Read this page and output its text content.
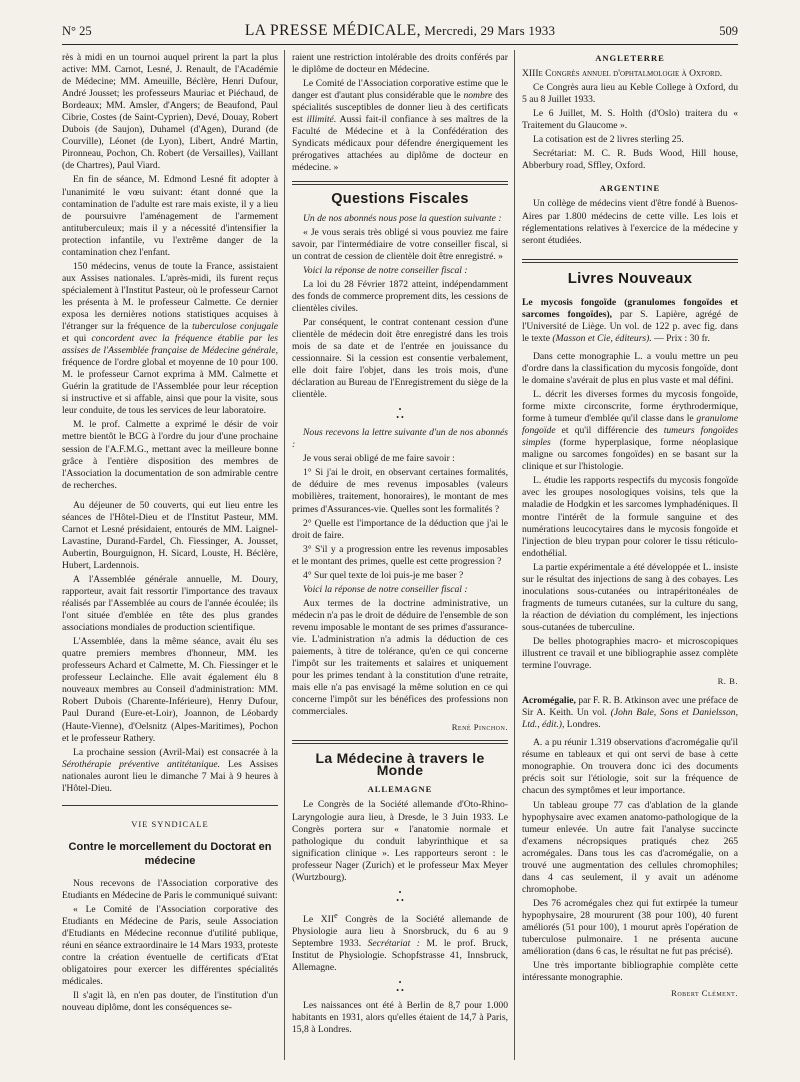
N° 25	LA PRESSE MÉDICALE, Mercredi, 29 Mars 1933	509

rès à midi en un tournoi auquel prirent la part la plus active: MM. Carnot, Lesné, J. Renault, de l'Académie de Médecine; MM. Ameuille, Béclère, Henri Dufour, André Jousset; les professeurs Mauriac et Piéchaud, de Bordeaux; MM. Amsler, d'Angers; de Beaufond, Paul Cibrie, Costes (de Saint-Cyprien), Devé, Douay, Robert Dubois (de Saujon), Duhamel (d'Agen), Durand (de Courville), Léonet (de Lyon), Libert, André Martin, Pironneau, Pochon, Ch. Robert (de Versailles), Vaillant (de Chartres), Paul Viard.

En fin de séance, M. Edmond Lesné fit adopter à l'unanimité le vœu suivant: étant donné que la contamination de l'adulte est rare mais existe, il y a lieu de poursuivre l'aménagement de l'armement antituberculeux; mais il y a nécessité d'intensifier la protection infantile, vu l'extrême danger de la contamination chez l'enfant.

150 médecins, venus de toute la France, assistaient aux Assises nationales. L'après-midi, ils furent reçus spécialement à l'Institut Pasteur, où le professeur Carnot les présenta à M. le professeur Calmette. Ce dernier exposa les dernières notions statistiques acquises à l'étranger sur la fréquence de la tuberculose conjugale et qui concordent avec la fréquence établie par les assises de l'Assemblée française de Médecine générale, fréquence de l'ordre global et moyenne de 10 pour 100. M. le professeur Carnot exprima à MM. Calmette et Guérin la gratitude de l'Assemblée pour leur réception si instructive et si affable, ainsi que pour la visite, sous leur conduite, de tous les services de leur laboratoire.

M. le prof. Calmette a exprimé le désir de voir mettre bientôt le BCG à l'ordre du jour d'une prochaine session de l'A.F.M.G., mettant avec la meilleure bonne grâce à l'entière disposition des membres de l'Association la documentation de son admirable centre de recherches.

Au déjeuner de 50 couverts, qui eut lieu entre les séances de l'Hôtel-Dieu et de l'Institut Pasteur, MM. Carnot et Lesné présidaient, entourés de MM. Laignel-Lavastine, Durand-Fardel, Ch. Fiessinger, A. Jousset, Aubertin, Bourguignon, H. Sicard, Louste, H. Béclère, Hubert, Lardennois.

A l'Assemblée générale annuelle, M. Doury, rapporteur, avait fait ressortir l'importance des travaux réalisés par l'Assemblée au cours de l'année écoulée; ils l'ont située d'emblée en tête des plus grandes associations mondiales de production scientifique.

L'Assemblée, dans la même séance, avait élu ses quatre premiers membres d'honneur, MM. les professeurs Achard et Calmette, M. Ch. Fiessinger et le professeur Leclainche. Elle avait également élu 8 nouveaux membres au Conseil d'administration: MM. Robert Dubois (Charente-Inférieure), Henry Dufour, Paul Durand (Eure-et-Loir), Joannon, de Léobardy (Haute-Vienne), d'Oelsnitz (Alpes-Maritimes), Pochon et le professeur Rathery.

La prochaine session (Avril-Mai) est consacrée à la Sérothérapie préventive antitétanique. Les Assises nationales auront lieu le dimanche 7 Mai à 9 heures à l'Hôtel-Dieu.

VIE SYNDICALE
Contre le morcellement du Doctorat en médecine

Nous recevons de l'Association corporative des Etudiants en Médecine de Paris le communiqué suivant:

« Le Comité de l'Association corporative des Etudiants en Médecine de Paris, seule Association d'Etudiants en Médecine reconnue d'utilité publique, réuni en séance extraordinaire le 14 Mars 1933, proteste contre la création éventuelle de certificats d'Etat obligatoires pour exercer les différentes spécialités médicales.

Il s'agit là, en n'en pas douter, de l'institution d'un nouveau diplôme, dont les conséquences se-

raient une restriction intolérable des droits conférés par le diplôme de docteur en Médecine.

Le Comité de l'Association corporative estime que le danger est d'autant plus considérable que le nombre des spécialités susceptibles de donner lieu à des certificats est illimité. Aussi fait-il confiance à ses maîtres de la Faculté de Médecine et à la Confédération des Syndicats médicaux pour défendre énergiquement les prérogatives attachées au diplôme de docteur en médecine. »

Questions Fiscales

Un de nos abonnés nous pose la question suivante :

« Je vous serais très obligé si vous pouviez me faire savoir, par l'intermédiaire de votre conseiller fiscal, si un contrat de cession de clientèle doit être enregistré. »

Voici la réponse de notre conseiller fiscal :

La loi du 28 Février 1872 atteint, indépendamment des fonds de commerce proprement dits, les cessions de clientèles civiles.

Par conséquent, le contrat contenant cession d'une clientèle de médecin doit être enregistré dans les trois mois de sa date et de l'entrée en jouissance du cessionnaire. Si la cession est consentie verbalement, elle doit faire l'objet, dans les trois mois, d'une déclaration au Bureau de l'Enregistrement du siège de la clientèle.

•
• •

Nous recevons la lettre suivante d'un de nos abonnés :

Je vous serai obligé de me faire savoir :

1° Si j'ai le droit, en observant certaines formalités, de déduire de mes revenus imposables (valeurs mobilières, traitement, honoraires), le montant de mes primes d'Assurances-vie. Quelles sont les formalités ?

2° Quelle est l'importance de la déduction que j'ai le droit de faire.

3° S'il y a progression entre les revenus imposables et le montant des primes, quelle est cette progression ?

4° Sur quel texte de loi puis-je me baser ?

Voici la réponse de notre conseiller fiscal :

Aux termes de la doctrine administrative, un médecin n'a pas le droit de déduire de l'ensemble de son revenu imposable le montant de ses primes d'assurance-vie. L'administration n'a admis la déduction de ces paiements, à titre de tolérance, qu'en ce qui concerne l'impôt sur les traitements et salaires et uniquement pour les primes tendant à la constitution d'une retraite, mais elle n'a pas envisagé la même solution en ce qui concerne l'impôt sur les bénéfices des professions non commerciales.

René Pinchon.
La Médecine à travers le Monde
ALLEMAGNE

Le Congrès de la Société allemande d'Oto-Rhino-Laryngologie aura lieu, à Dresde, le 3 Juin 1933. Le Congrès portera sur « l'anatomie normale et pathologique du conduit labyrinthique et sa signification clinique ». Les rapporteurs seront : le professeur Nager (Zurich) et le professeur Max Meyer (Wurtzbourg).

•
• •

Le XIIe Congrès de la Société allemande de Physiologie aura lieu à Snorsbruck, du 6 au 9 Septembre 1933. Secrétariat : M. le prof. Bruck, Institut de Physiologie. Schopfstrasse 41, Innsbruck, Allemagne.

•
• •

Les naissances ont été à Berlin de 8,7 pour 1.000 habitants en 1931, alors qu'elles étaient de 14,7 à Paris, 15,8 à Londres.

ANGLETERRE

XIIIe Congrès annuel d'ophtalmologie à Oxford.

Ce Congrès aura lieu au Keble College à Oxford, du 5 au 8 Juillet 1933.

Le 6 Juillet, M. S. Holth (d'Oslo) traitera du « Traitement du Glaucome ».

La cotisation est de 2 livres sterling 25.

Secrétariat: M. C. R. Buds Wood, Hill house, Abberbury road, Sffley, Oxford.

ARGENTINE

Un collège de médecins vient d'être fondé à Buenos-Aires par 1.800 médecins de cette ville. Les lois et réglementations relatives à l'exercice de la médecine y seront étudiées.

Livres Nouveaux

Le mycosis fongoïde (granulomes fongoïdes et sarcomes fongoïdes), par S. Lapière, agrégé de l'Université de Liège. Un vol. de 122 p. avec fig. dans le texte (Masson et Cie, éditeurs). — Prix : 30 fr.

Dans cette monographie L. a voulu mettre un peu d'ordre dans la classification du mycosis fongoïde, dont le domaine s'avérait de plus en plus vaste et mal défini.

L. décrit les diverses formes du mycosis fongoïde, forme mixte circonscrite, forme érythrodermique, forme à tumeur d'emblée qu'il classe dans le granulome fongoïde et qu'il différencie des tumeurs fongoïdes simples (forme hyperplasique, forme néoplasique maligne ou sarcomes fongoïdes) en se basant sur la clinique et sur l'histologie.

L. étudie les rapports respectifs du mycosis fongoïde avec les groupes nosologiques voisins, tels que la maladie de Hodgkin et les sarcomes lymphadéniques. Il montre l'intérêt de la formule sanguine et des numérations leucocytaires dans le mycosis fongoïde et l'injection de bleu trypan pour colorer le tissu réticulo-endothélial.

La partie expérimentale a été développée et L. insiste sur le résultat des injections de sang à des cobayes. Les inoculations sous-cutanées ou intrapéritonéales de fragments de tumeurs cutanées, sur la culture du sang, la réaction de déviation du complément, les injections sous-cutanées de tuberculine.

De belles photographies macro- et microscopiques illustrent ce travail et une bibliographie assez complète termine l'ouvrage.

R. B.

Acromégalie, par F. R. B. Atkinson avec une préface de Sir A. Keith. Un vol. (John Bale, Sons et Danielsson, Ltd., édit.), Londres.

A. a pu réunir 1.319 observations d'acromégalie qu'il résume en tableaux et qui ont servi de base à cette monographie. On trouvera donc ici des documents précis soit sur l'étiologie, soit sur la fréquence de chacun des symptômes et leur importance.

Un tableau groupe 77 cas d'ablation de la glande hypophysaire avec examen anatomo-pathologique de la tumeur enlevée. Un autre fait l'analyse succincte d'examens nécropsiques pratiqués chez 265 acromégales. Dans tous les cas d'acromégalie, on a trouvé une augmentation des cellules chromophiles; dans 4 cas seulement, il y avait un adénome chromophobe.

Des 76 acromégales chez qui fut extirpée la tumeur hypophysaire, 28 moururent (38 pour 100), 40 furent améliorés (51 pour 100), 1 mourut après l'opération de tuberculose pulmonaire. 1 ne présenta aucune amélioration (dans 6 cas, le résultat ne fut pas précisé).

Une très importante bibliographie complète cette intéressante monographie.

Robert Clément.
